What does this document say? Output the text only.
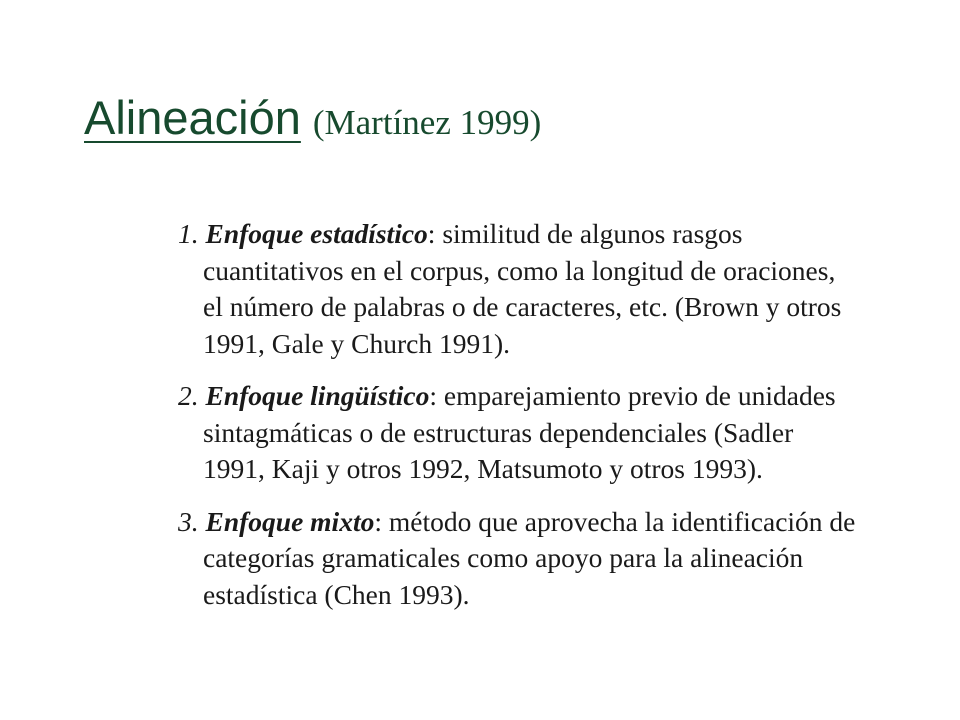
Alineación (Martínez 1999)

1. Enfoque estadístico: similitud de algunos rasgos cuantitativos en el corpus, como la longitud de oraciones, el número de palabras o de caracteres, etc. (Brown y otros 1991, Gale y Church 1991).

2. Enfoque lingüístico: emparejamiento previo de unidades sintagmáticas o de estructuras dependenciales (Sadler 1991, Kaji y otros 1992, Matsumoto y otros 1993).

3. Enfoque mixto: método que aprovecha la identificación de categorías gramaticales como apoyo para la alineación estadística (Chen 1993).
